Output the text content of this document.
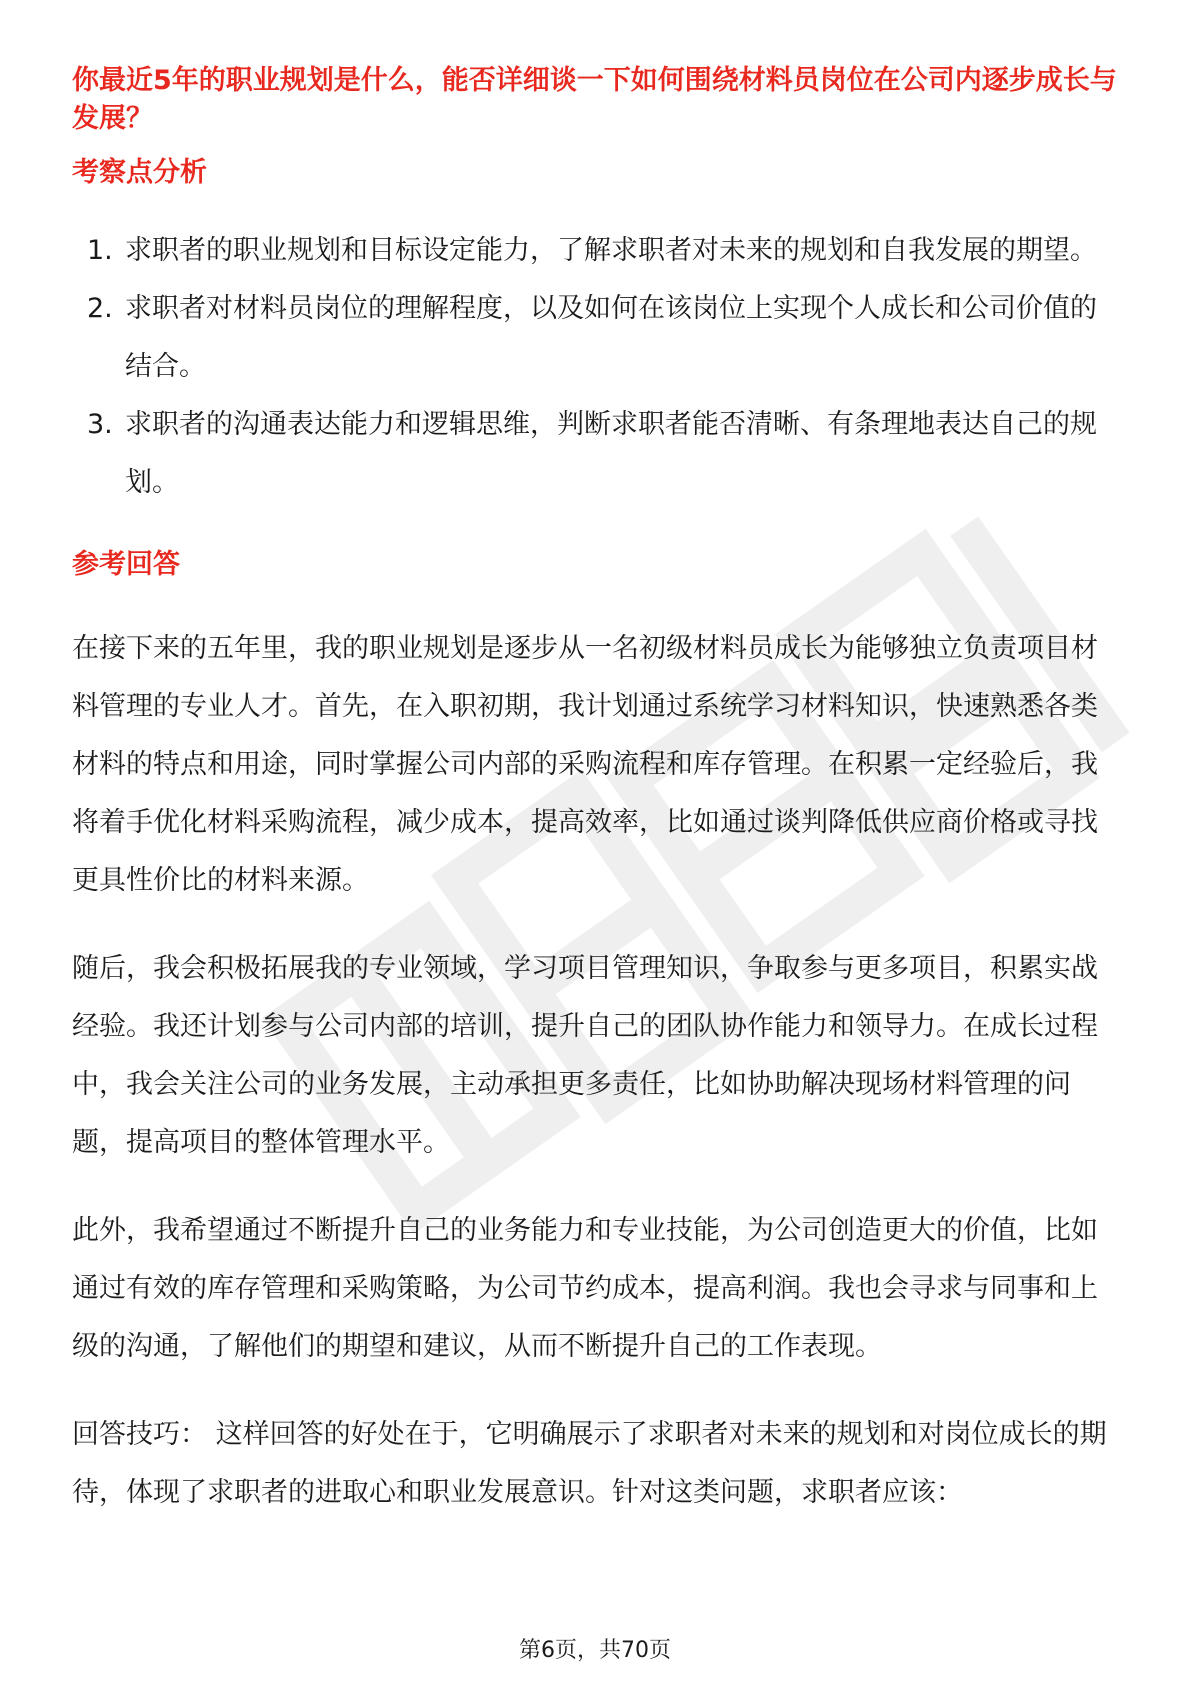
你最近5年的职业规划是什么，能否详细谈一下如何围绕材料员岗位在公司内逐步成长与发展？
考察点分析
1. 求职者的职业规划和目标设定能力，了解求职者对未来的规划和自我发展的期望。
2. 求职者对材料员岗位的理解程度，以及如何在该岗位上实现个人成长和公司价值的结合。
3. 求职者的沟通表达能力和逻辑思维，判断求职者能否清晰、有条理地表达自己的规划。
参考回答

在接下来的五年里，我的职业规划是逐步从一名初级材料员成长为能够独立负责项目材料管理的专业人才。首先，在入职初期，我计划通过系统学习材料知识，快速熟悉各类材料的特点和用途，同时掌握公司内部的采购流程和库存管理。在积累一定经验后，我将着手优化材料采购流程，减少成本，提高效率，比如通过谈判降低供应商价格或寻找更具性价比的材料来源。

随后，我会积极拓展我的专业领域，学习项目管理知识，争取参与更多项目，积累实战经验。我还计划参与公司内部的培训，提升自己的团队协作能力和领导力。在成长过程中，我会关注公司的业务发展，主动承担更多责任，比如协助解决现场材料管理的问题，提高项目的整体管理水平。

此外，我希望通过不断提升自己的业务能力和专业技能，为公司创造更大的价值，比如通过有效的库存管理和采购策略，为公司节约成本，提高利润。我也会寻求与同事和上级的沟通，了解他们的期望和建议，从而不断提升自己的工作表现。

回答技巧： 这样回答的好处在于，它明确展示了求职者对未来的规划和对岗位成长的期待，体现了求职者的进取心和职业发展意识。针对这类问题，求职者应该：

第6页，共70页
